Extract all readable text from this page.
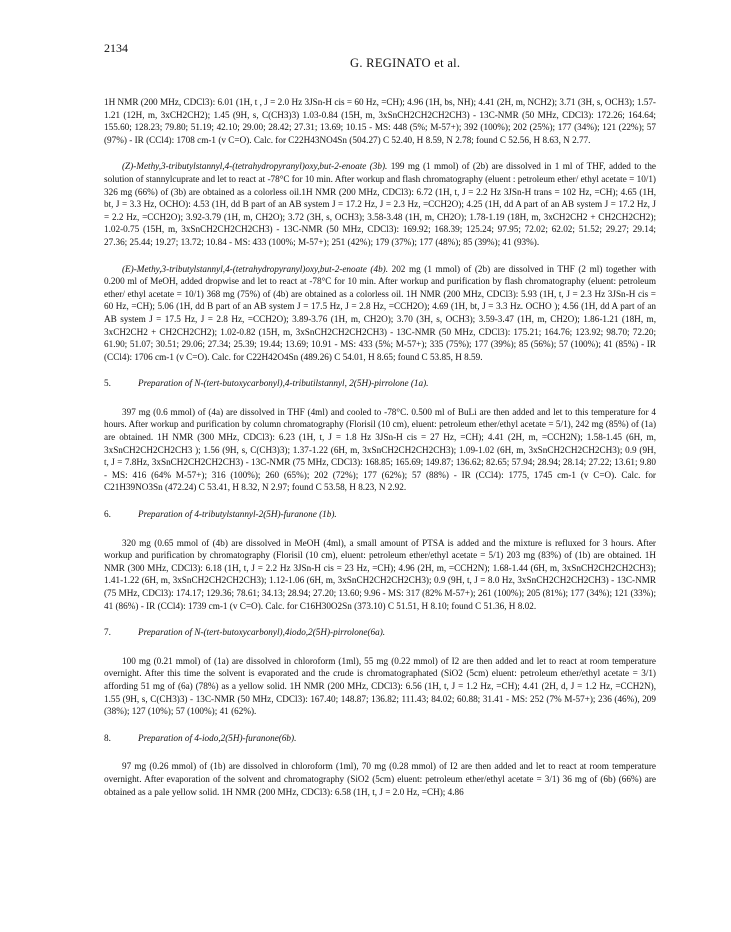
2134
G. REGINATO et al.

1H NMR (200 MHz, CDCl3): 6.01 (1H, t , J = 2.0 Hz 3JSn-H cis = 60 Hz, =CH); 4.96 (1H, bs, NH); 4.41 (2H, m, NCH2); 3.71 (3H, s, OCH3); 1.57-1.21 (12H, m, 3xCH2CH2); 1.45 (9H, s, C(CH3)3) 1.03-0.84 (15H, m, 3xSnCH2CH2CH2CH3) - 13C-NMR (50 MHz, CDCl3): 172.26; 164.64; 155.60; 128.23; 79.80; 51.19; 42.10; 29.00; 28.42; 27.31; 13.69; 10.15 - MS: 448 (5%; M-57+); 392 (100%); 202 (25%); 177 (34%); 121 (22%); 57 (97%) - IR (CCl4): 1708 cm-1 (v C=O). Calc. for C22H43NO4Sn (504.27) C 52.40, H 8.59, N 2.78; found C 52.56, H 8.63, N 2.77.

(Z)-Methy,3-tributylstannyl,4-(tetrahydropyranyl)oxy,but-2-enoate (3b). 199 mg (1 mmol) of (2b) are dissolved in 1 ml of THF, added to the solution of stannylcuprate and let to react at -78°C for 10 min. After workup and flash chromatography (eluent : petroleum ether/ ethyl acetate = 10/1) 326 mg (66%) of (3b) are obtained as a colorless oil.1H NMR (200 MHz, CDCl3): 6.72 (1H, t, J = 2.2 Hz 3JSn-H trans = 102 Hz, =CH); 4.65 (1H, bt, J = 3.3 Hz, OCHO): 4.53 (1H, dd B part of an AB system J = 17.2 Hz, J = 2.3 Hz, =CCH2O); 4.25 (1H, dd A part of an AB system J = 17.2 Hz, J = 2.2 Hz, =CCH2O); 3.92-3.79 (1H, m, CH2O); 3.72 (3H, s, OCH3); 3.58-3.48 (1H, m, CH2O); 1.78-1.19 (18H, m, 3xCH2CH2 + CH2CH2CH2); 1.02-0.75 (15H, m, 3xSnCH2CH2CH2CH3) - 13C-NMR (50 MHz, CDCl3): 169.92; 168.39; 125.24; 97.95; 72.02; 62.02; 51.52; 29.27; 29.14; 27.36; 25.44; 19.27; 13.72; 10.84 - MS: 433 (100%; M-57+); 251 (42%); 179 (37%); 177 (48%); 85 (39%); 41 (93%).

(E)-Methy,3-tributylstannyl,4-(tetrahydropyranyl)oxy,but-2-enoate (4b). 202 mg (1 mmol) of (2b) are dissolved in THF (2 ml) together with 0.200 ml of MeOH, added dropwise and let to react at -78°C for 10 min. After workup and purification by flash chromatography (eluent: petroleum ether/ ethyl acetate = 10/1) 368 mg (75%) of (4b) are obtained as a colorless oil. 1H NMR (200 MHz, CDCl3): 5.93 (1H, t, J = 2.3 Hz 3JSn-H cis = 60 Hz, =CH); 5.06 (1H, dd B part of an AB system J = 17.5 Hz, J = 2.8 Hz, =CCH2O); 4.69 (1H, bt, J = 3.3 Hz. OCHO ); 4.56 (1H, dd A part of an AB system J = 17.5 Hz, J = 2.8 Hz, =CCH2O); 3.89-3.76 (1H, m, CH2O); 3.70 (3H, s, OCH3); 3.59-3.47 (1H, m, CH2O); 1.86-1.21 (18H, m, 3xCH2CH2 + CH2CH2CH2); 1.02-0.82 (15H, m, 3xSnCH2CH2CH2CH3) - 13C-NMR (50 MHz, CDCl3): 175.21; 164.76; 123.92; 98.70; 72.20; 61.90; 51.07; 30.51; 29.06; 27.34; 25.39; 19.44; 13.69; 10.91 - MS: 433 (5%; M-57+); 335 (75%); 177 (39%); 85 (56%); 57 (100%); 41 (85%) - IR (CCl4): 1706 cm-1 (v C=O). Calc. for C22H42O4Sn (489.26) C 54.01, H 8.65; found C 53.85, H 8.59.

5.	Preparation of N-(tert-butoxycarbonyl),4-tributilstannyl, 2(5H)-pirrolone (1a).

397 mg (0.6 mmol) of (4a) are dissolved in THF (4ml) and cooled to -78°C. 0.500 ml of BuLi are then added and let to this temperature for 4 hours. After workup and purification by column chromatography (Florisil (10 cm), eluent: petroleum ether/ethyl acetate = 5/1), 242 mg (85%) of (1a) are obtained. 1H NMR (300 MHz, CDCl3): 6.23 (1H, t, J = 1.8 Hz 3JSn-H cis = 27 Hz, =CH); 4.41 (2H, m, =CCH2N); 1.58-1.45 (6H, m, 3xSnCH2CH2CH2CH3 ); 1.56 (9H, s, C(CH3)3); 1.37-1.22 (6H, m, 3xSnCH2CH2CH2CH3); 1.09-1.02 (6H, m, 3xSnCH2CH2CH2CH3); 0.9 (9H, t, J = 7.8Hz, 3xSnCH2CH2CH2CH3) - 13C-NMR (75 MHz, CDCl3): 168.85; 165.69; 149.87; 136.62; 82.65; 57.94; 28.94; 28.14; 27.22; 13.61; 9.80 - MS: 416 (64% M-57+); 316 (100%); 260 (65%); 202 (72%); 177 (62%); 57 (88%) - IR (CCl4): 1775, 1745 cm-1 (v C=O). Calc. for C21H39NO3Sn (472.24) C 53.41, H 8.32, N 2.97; found C 53.58, H 8.23, N 2.92.

6.	Preparation of 4-tributylstannyl-2(5H)-furanone (1b).

320 mg (0.65 mmol of (4b) are dissolved in MeOH (4ml), a small amount of PTSA is added and the mixture is refluxed for 3 hours. After workup and purification by chromatography (Florisil (10 cm), eluent: petroleum ether/ethyl acetate = 5/1) 203 mg (83%) of (1b) are obtained. 1H NMR (300 MHz, CDCl3): 6.18 (1H, t, J = 2.2 Hz 3JSn-H cis = 23 Hz, =CH); 4.96 (2H, m, =CCH2N); 1.68-1.44 (6H, m, 3xSnCH2CH2CH2CH3); 1.41-1.22 (6H, m, 3xSnCH2CH2CH2CH3); 1.12-1.06 (6H, m, 3xSnCH2CH2CH2CH3); 0.9 (9H, t, J = 8.0 Hz, 3xSnCH2CH2CH2CH3) - 13C-NMR (75 MHz, CDCl3): 174.17; 129.36; 78.61; 34.13; 28.94; 27.20; 13.60; 9.96 - MS: 317 (82% M-57+); 261 (100%); 205 (81%); 177 (34%); 121 (33%); 41 (86%) - IR (CCl4): 1739 cm-1 (v C=O). Calc. for C16H30O2Sn (373.10) C 51.51, H 8.10; found C 51.36, H 8.02.

7.	Preparation of N-(tert-butoxycarbonyl),4iodo,2(5H)-pirrolone(6a).

100 mg (0.21 mmol) of (1a) are dissolved in chloroform (1ml), 55 mg (0.22 mmol) of I2 are then added and let to react at room temperature overnight. After this time the solvent is evaporated and the crude is chromatographated (SiO2 (5cm) eluent: petroleum ether/ethyl acetate = 3/1) affording 51 mg of (6a) (78%) as a yellow solid. 1H NMR (200 MHz, CDCl3): 6.56 (1H, t, J = 1.2 Hz, =CH); 4.41 (2H, d, J = 1.2 Hz, =CCH2N), 1.55 (9H, s, C(CH3)3) - 13C-NMR (50 MHz, CDCl3): 167.40; 148.87; 136.82; 111.43; 84.02; 60.88; 31.41 - MS: 252 (7% M-57+); 236 (46%), 209 (38%); 127 (10%); 57 (100%); 41 (62%).

8.	Preparation of 4-iodo,2(5H)-furanone(6b).

97 mg (0.26 mmol) of (1b) are dissolved in chloroform (1ml), 70 mg (0.28 mmol) of I2 are then added and let to react at room temperature overnight. After evaporation of the solvent and chromatography (SiO2 (5cm) eluent: petroleum ether/ethyl acetate = 3/1) 36 mg of (6b) (66%) are obtained as a pale yellow solid. 1H NMR (200 MHz, CDCl3): 6.58 (1H, t, J = 2.0 Hz, =CH); 4.86
